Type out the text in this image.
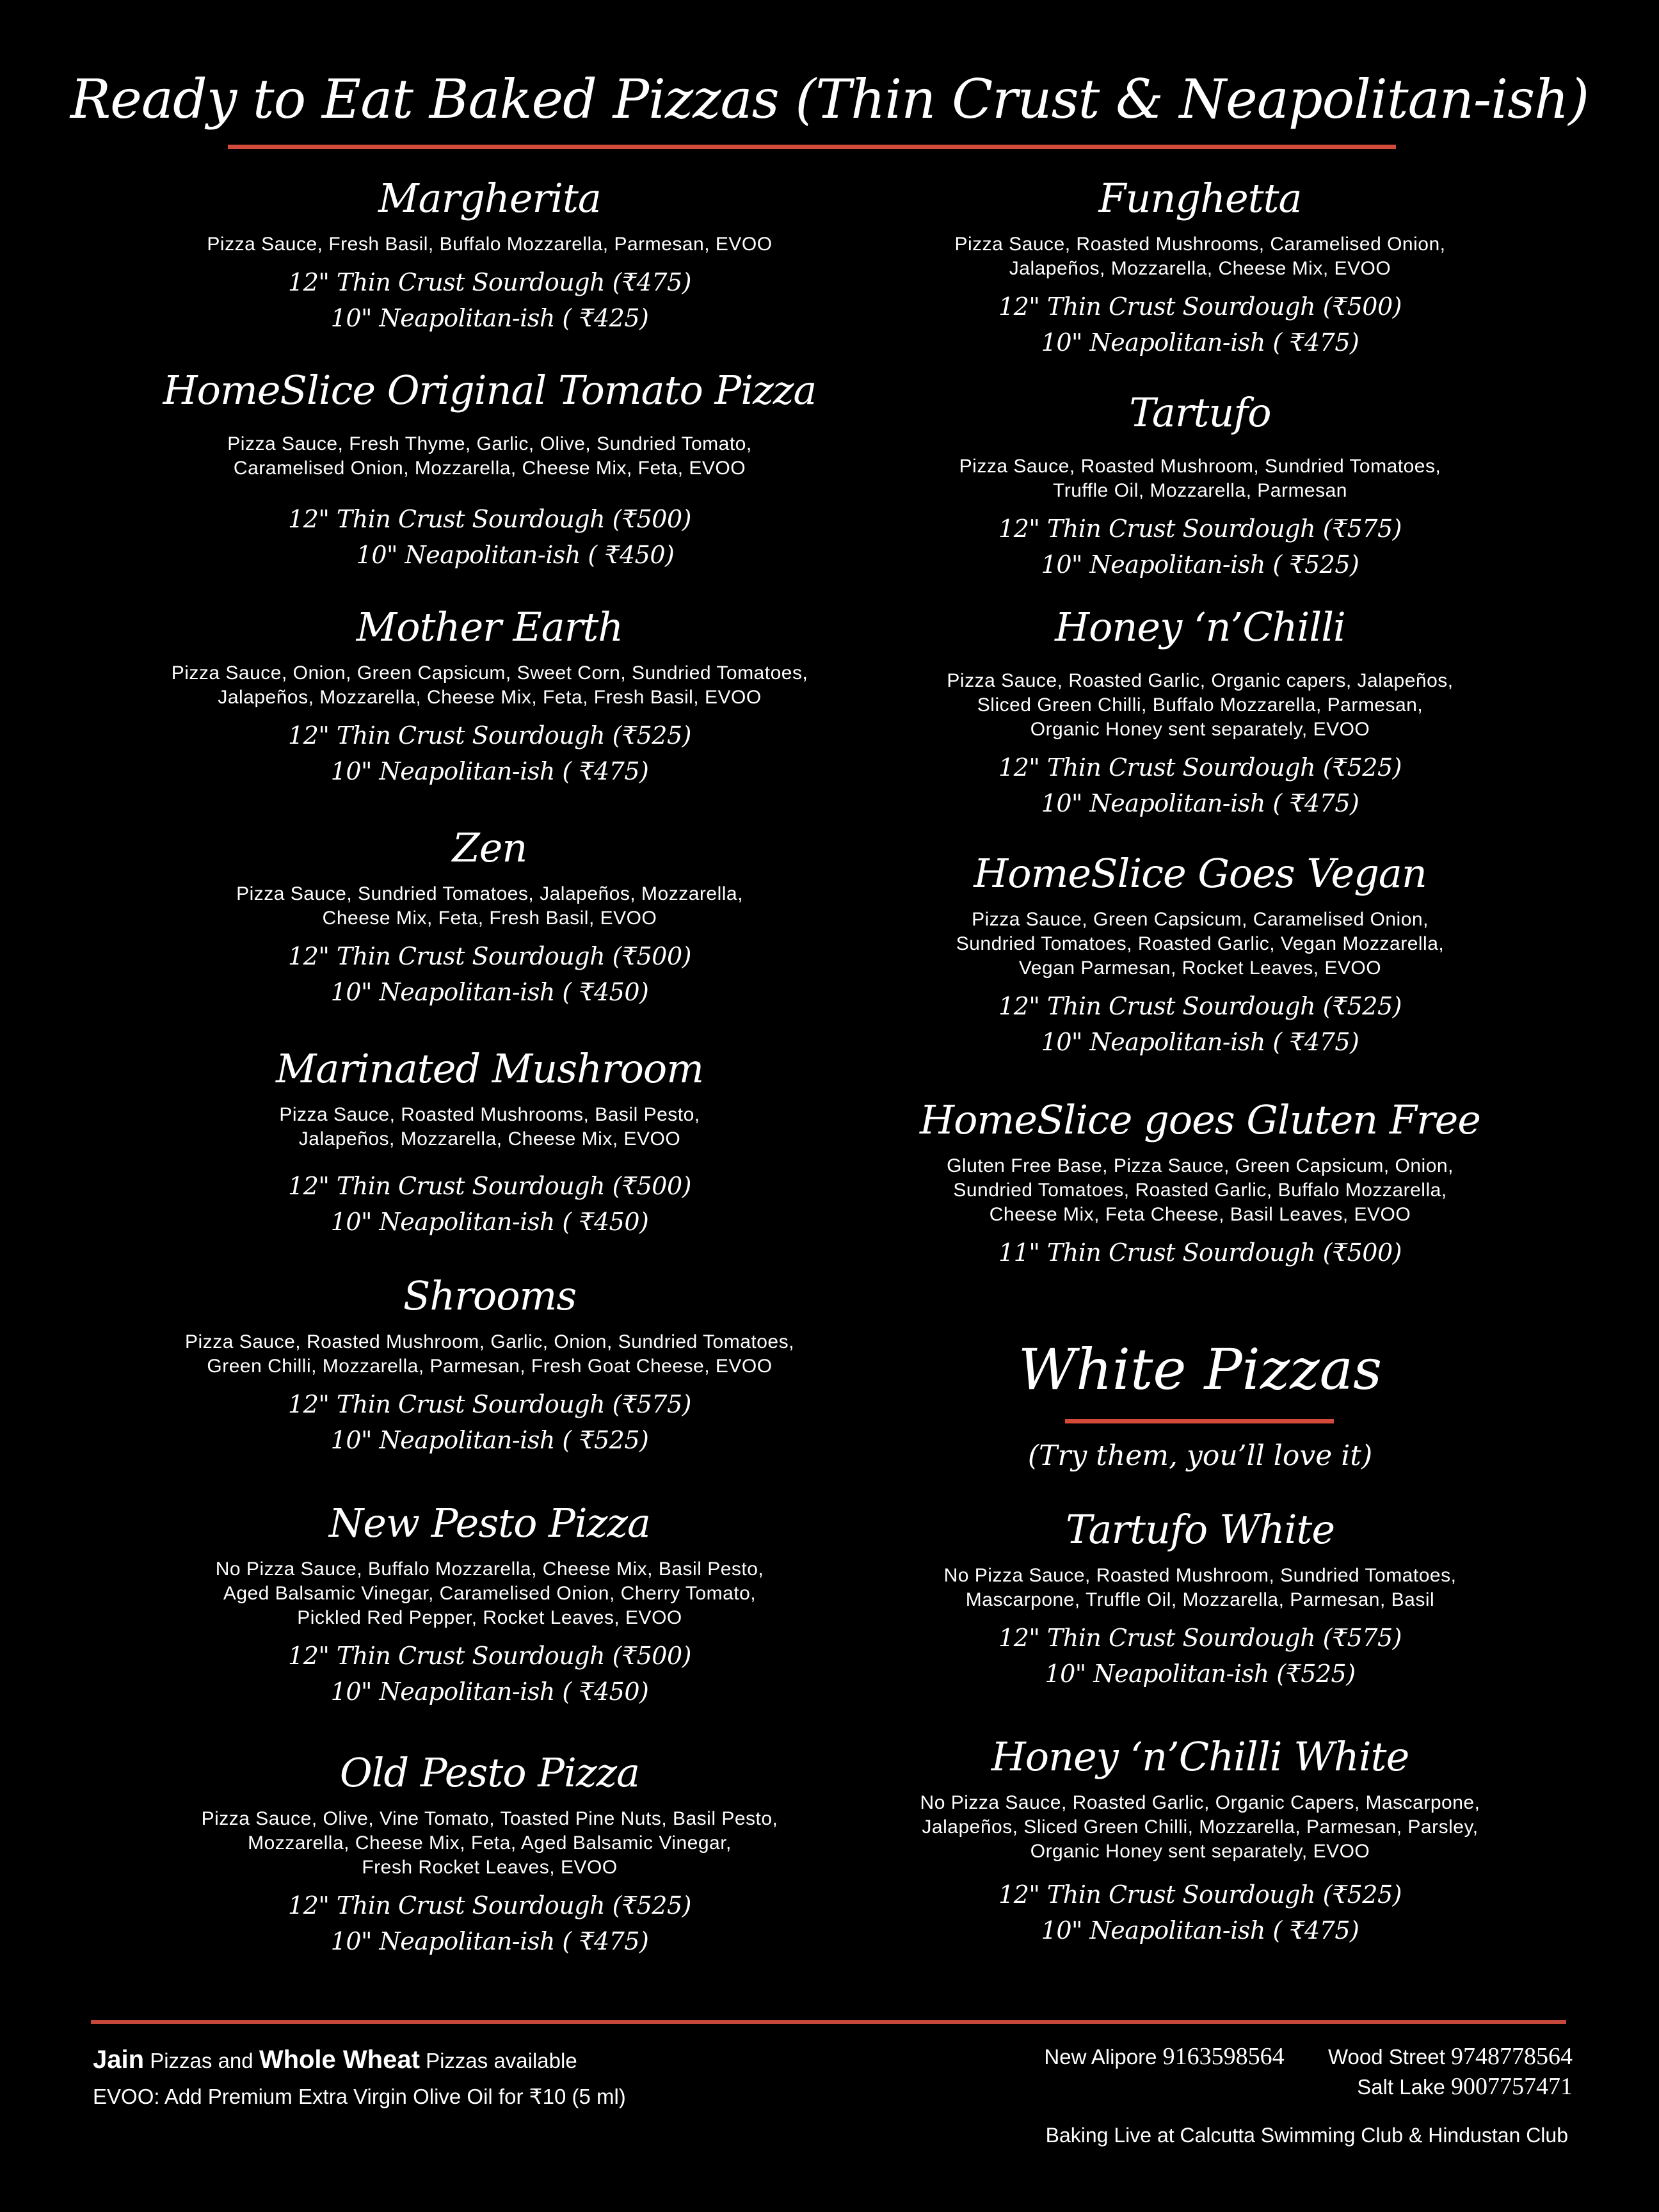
Ready to Eat Baked Pizzas (Thin Crust & Neapolitan-ish)
Margherita
Pizza Sauce, Fresh Basil, Buffalo Mozzarella, Parmesan, EVOO
12" Thin Crust Sourdough (₹475)
10" Neapolitan-ish ( ₹425)
HomeSlice Original Tomato Pizza
Pizza Sauce, Fresh Thyme, Garlic, Olive, Sundried Tomato,
Caramelised Onion, Mozzarella, Cheese Mix, Feta, EVOO
12" Thin Crust Sourdough (₹500)
10" Neapolitan-ish ( ₹450)
Mother Earth
Pizza Sauce, Onion, Green Capsicum, Sweet Corn, Sundried Tomatoes,
Jalapeños, Mozzarella, Cheese Mix, Feta, Fresh Basil, EVOO
12" Thin Crust Sourdough (₹525)
10" Neapolitan-ish ( ₹475)
Zen
Pizza Sauce, Sundried Tomatoes, Jalapeños, Mozzarella,
Cheese Mix, Feta, Fresh Basil, EVOO
12" Thin Crust Sourdough (₹500)
10" Neapolitan-ish ( ₹450)
Marinated Mushroom
Pizza Sauce, Roasted Mushrooms, Basil Pesto,
Jalapeños, Mozzarella, Cheese Mix, EVOO
12" Thin Crust Sourdough (₹500)
10" Neapolitan-ish ( ₹450)
Shrooms
Pizza Sauce, Roasted Mushroom, Garlic, Onion, Sundried Tomatoes,
Green Chilli, Mozzarella, Parmesan, Fresh Goat Cheese, EVOO
12" Thin Crust Sourdough (₹575)
10" Neapolitan-ish ( ₹525)
New Pesto Pizza
No Pizza Sauce, Buffalo Mozzarella, Cheese Mix, Basil Pesto,
Aged Balsamic Vinegar, Caramelised Onion, Cherry Tomato,
Pickled Red Pepper, Rocket Leaves, EVOO
12" Thin Crust Sourdough (₹500)
10" Neapolitan-ish ( ₹450)
Old Pesto Pizza
Pizza Sauce, Olive, Vine Tomato, Toasted Pine Nuts, Basil Pesto,
Mozzarella, Cheese Mix, Feta, Aged Balsamic Vinegar,
Fresh Rocket Leaves, EVOO
12" Thin Crust Sourdough (₹525)
10" Neapolitan-ish ( ₹475)
Funghetta
Pizza Sauce, Roasted Mushrooms, Caramelised Onion,
Jalapeños, Mozzarella, Cheese Mix, EVOO
12" Thin Crust Sourdough (₹500)
10" Neapolitan-ish ( ₹475)
Tartufo
Pizza Sauce, Roasted Mushroom, Sundried Tomatoes,
Truffle Oil, Mozzarella, Parmesan
12" Thin Crust Sourdough (₹575)
10" Neapolitan-ish ( ₹525)
Honey ‘n’Chilli
Pizza Sauce, Roasted Garlic, Organic capers, Jalapeños,
Sliced Green Chilli, Buffalo Mozzarella, Parmesan,
Organic Honey sent separately, EVOO
12" Thin Crust Sourdough (₹525)
10" Neapolitan-ish ( ₹475)
HomeSlice Goes Vegan
Pizza Sauce, Green Capsicum, Caramelised Onion,
Sundried Tomatoes, Roasted Garlic, Vegan Mozzarella,
Vegan Parmesan, Rocket Leaves, EVOO
12" Thin Crust Sourdough (₹525)
10" Neapolitan-ish ( ₹475)
HomeSlice goes Gluten Free
Gluten Free Base, Pizza Sauce, Green Capsicum, Onion,
Sundried Tomatoes, Roasted Garlic, Buffalo Mozzarella,
Cheese Mix, Feta Cheese, Basil Leaves, EVOO
11" Thin Crust Sourdough (₹500)
White Pizzas
(Try them, you’ll love it)
Tartufo White
No Pizza Sauce, Roasted Mushroom, Sundried Tomatoes,
Mascarpone, Truffle Oil, Mozzarella, Parmesan, Basil
12" Thin Crust Sourdough (₹575)
10" Neapolitan-ish (₹525)
Honey ‘n’Chilli White
No Pizza Sauce, Roasted Garlic, Organic Capers, Mascarpone,
Jalapeños, Sliced Green Chilli, Mozzarella, Parmesan, Parsley,
Organic Honey sent separately, EVOO
12" Thin Crust Sourdough (₹525)
10" Neapolitan-ish ( ₹475)
Jain Pizzas and Whole Wheat Pizzas available
EVOO: Add Premium Extra Virgin Olive Oil for ₹10 (5 ml)
New Alipore 9163598564 Wood Street 9748778564
Salt Lake 9007757471
Baking Live at Calcutta Swimming Club & Hindustan Club
